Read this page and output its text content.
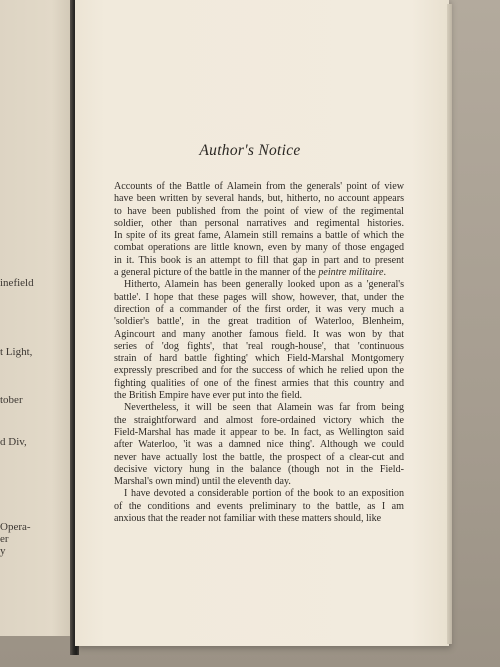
inefield
t Light,
tober
d Div,
Opera-
er
y
Author's Notice

Accounts of the Battle of Alamein from the generals' point of view
have been written by several hands, but, hitherto, no account appears
to have been published from the point of view of the regimental
soldier, other than personal narratives and regimental histories.
In spite of its great fame, Alamein still remains a battle of which the
combat operations are little known, even by many of those engaged
in it. This book is an attempt to fill that gap in part and to present
a general picture of the battle in the manner of the peintre militaire.

Hitherto, Alamein has been generally looked upon as a 'general's
battle'. I hope that these pages will show, however, that, under the
direction of a commander of the first order, it was very much a
'soldier's battle', in the great tradition of Waterloo, Blenheim,
Agincourt and many another famous field. It was won by that
series of 'dog fights', that 'real rough-house', that 'continuous
strain of hard battle fighting' which Field-Marshal Montgomery
expressly prescribed and for the success of which he relied upon the
fighting qualities of one of the finest armies that this country and
the British Empire have ever put into the field.

Nevertheless, it will be seen that Alamein was far from being
the straightforward and almost fore-ordained victory which the
Field-Marshal has made it appear to be. In fact, as Wellington said
after Waterloo, 'it was a damned nice thing'. Although we could
never have actually lost the battle, the prospect of a clear-cut and
decisive victory hung in the balance (though not in the Field-
Marshal's own mind) until the eleventh day.

I have devoted a considerable portion of the book to an exposition
of the conditions and events preliminary to the battle, as I am
anxious that the reader not familiar with these matters should, like
